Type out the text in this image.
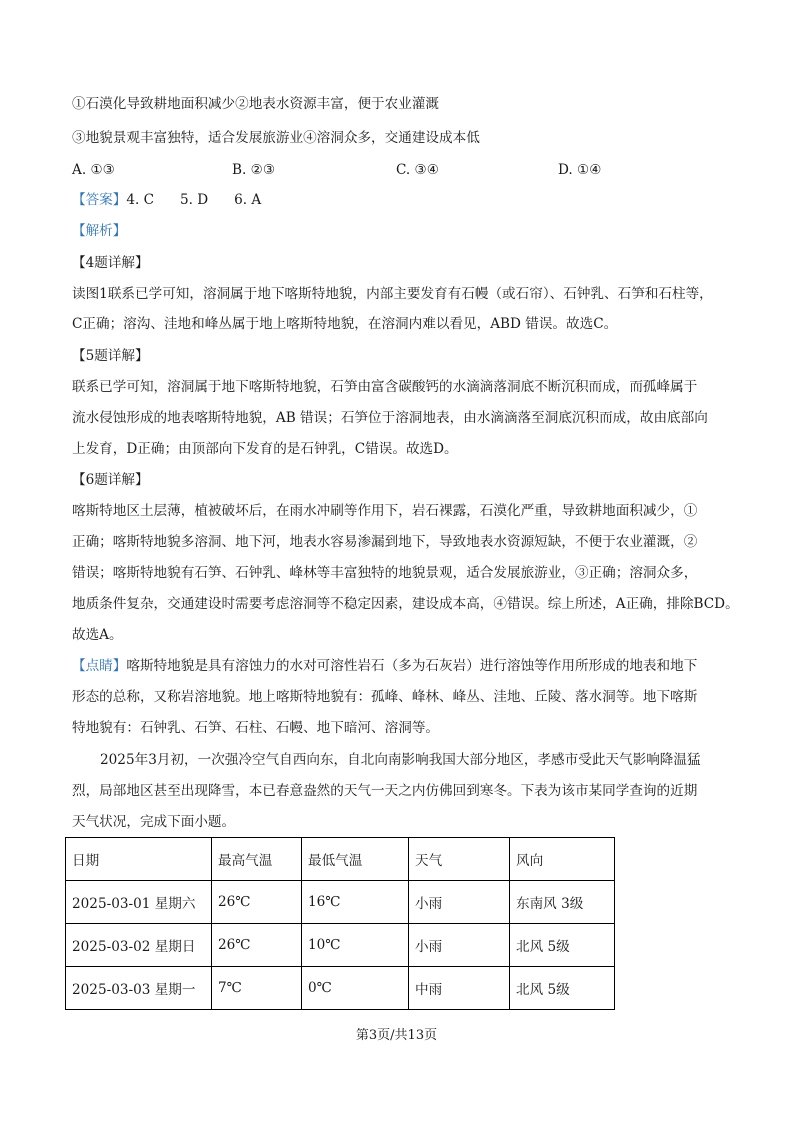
①石漠化导致耕地面积减少②地表水资源丰富，便于农业灌溉
③地貌景观丰富独特，适合发展旅游业④溶洞众多，交通建设成本低
A. ①③	B. ②③	C. ③④	D. ①④
【答案】4. C      5. D      6. A
【解析】
【4题详解】
读图1联系已学可知，溶洞属于地下喀斯特地貌，内部主要发育有石幔（或石帘）、石钟乳、石笋和石柱等，
C正确；溶沟、洼地和峰丛属于地上喀斯特地貌，在溶洞内难以看见，ABD 错误。故选C。
【5题详解】
联系已学可知，溶洞属于地下喀斯特地貌，石笋由富含碳酸钙的水滴滴落洞底不断沉积而成，而孤峰属于
流水侵蚀形成的地表喀斯特地貌，AB 错误；石笋位于溶洞地表，由水滴滴落至洞底沉积而成，故由底部向
上发育，D正确；由顶部向下发育的是石钟乳，C错误。故选D。
【6题详解】
喀斯特地区土层薄，植被破坏后，在雨水冲刷等作用下，岩石裸露，石漠化严重，导致耕地面积减少，①
正确；喀斯特地貌多溶洞、地下河，地表水容易渗漏到地下，导致地表水资源短缺，不便于农业灌溉，②
错误；喀斯特地貌有石笋、石钟乳、峰林等丰富独特的地貌景观，适合发展旅游业，③正确；溶洞众多，
地质条件复杂，交通建设时需要考虑溶洞等不稳定因素，建设成本高，④错误。综上所述，A正确，排除BCD。
故选A。
【点睛】喀斯特地貌是具有溶蚀力的水对可溶性岩石（多为石灰岩）进行溶蚀等作用所形成的地表和地下
形态的总称，又称岩溶地貌。地上喀斯特地貌有：孤峰、峰林、峰丛、洼地、丘陵、落水洞等。地下喀斯
特地貌有：石钟乳、石笋、石柱、石幔、地下暗河、溶洞等。
2025年3月初，一次强冷空气自西向东，自北向南影响我国大部分地区，孝感市受此天气影响降温猛
烈，局部地区甚至出现降雪，本已春意盎然的天气一天之内仿佛回到寒冬。下表为该市某同学查询的近期
天气状况，完成下面小题。
日期	最高气温	最低气温	天气	风向
2025-03-01 星期六	26℃	16℃	小雨	东南风 3级
2025-03-02 星期日	26℃	10℃	小雨	北风 5级
2025-03-03 星期一	7℃	0℃	中雨	北风 5级
第3页/共13页
